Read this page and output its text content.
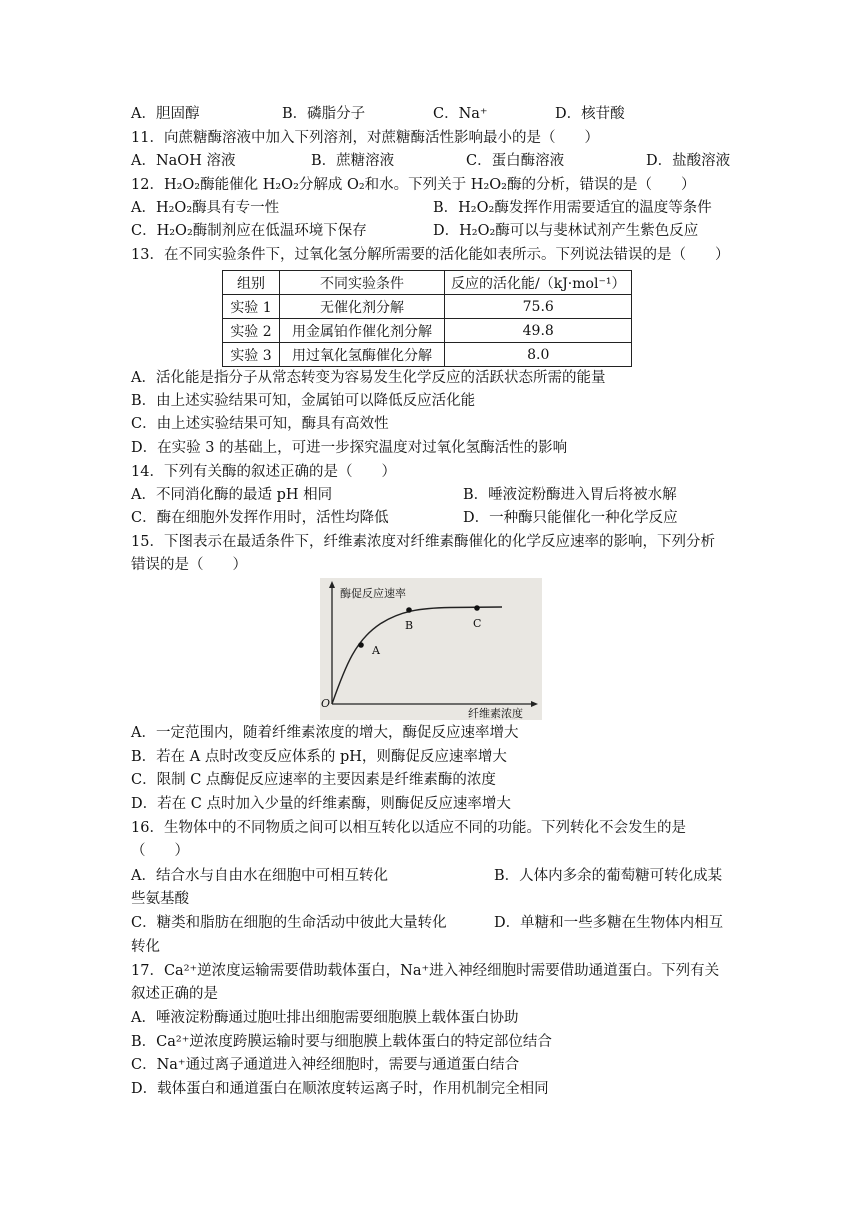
A．胆固醇	B．磷脂分子	C．Na⁺	D．核苷酸
11．向蔗糖酶溶液中加入下列溶剂，对蔗糖酶活性影响最小的是（　　）
A．NaOH 溶液	B．蔗糖溶液	C．蛋白酶溶液	D．盐酸溶液
12．H₂O₂酶能催化 H₂O₂分解成 O₂和水。下列关于 H₂O₂酶的分析，错误的是（　　）
A．H₂O₂酶具有专一性	B．H₂O₂酶发挥作用需要适宜的温度等条件
C．H₂O₂酶制剂应在低温环境下保存	D．H₂O₂酶可以与斐林试剂产生紫色反应
13．在不同实验条件下，过氧化氢分解所需要的活化能如表所示。下列说法错误的是（　　）
组别	不同实验条件	反应的活化能/（kJ·mol⁻¹）
实验 1	无催化剂分解	75.6
实验 2	用金属铂作催化剂分解	49.8
实验 3	用过氧化氢酶催化分解	8.0
A．活化能是指分子从常态转变为容易发生化学反应的活跃状态所需的能量
B．由上述实验结果可知，金属铂可以降低反应活化能
C．由上述实验结果可知，酶具有高效性
D．在实验 3 的基础上，可进一步探究温度对过氧化氢酶活性的影响
14．下列有关酶的叙述正确的是（　　）
A．不同消化酶的最适 pH 相同	B．唾液淀粉酶进入胃后将被水解
C．酶在细胞外发挥作用时，活性均降低	D．一种酶只能催化一种化学反应
15．下图表示在最适条件下，纤维素浓度对纤维素酶催化的化学反应速率的影响，下列分析
错误的是（　　）
酶促反应速率
纤维素浓度
O
A
B	C
A．一定范围内，随着纤维素浓度的增大，酶促反应速率增大
B．若在 A 点时改变反应体系的 pH，则酶促反应速率增大
C．限制 C 点酶促反应速率的主要因素是纤维素酶的浓度
D．若在 C 点时加入少量的纤维素酶，则酶促反应速率增大
16．生物体中的不同物质之间可以相互转化以适应不同的功能。下列转化不会发生的是
（　　）
A．结合水与自由水在细胞中可相互转化	B．人体内多余的葡萄糖可转化成某
些氨基酸
C．糖类和脂肪在细胞的生命活动中彼此大量转化	D．单糖和一些多糖在生物体内相互
转化
17．Ca²⁺逆浓度运输需要借助载体蛋白，Na⁺进入神经细胞时需要借助通道蛋白。下列有关
叙述正确的是
A．唾液淀粉酶通过胞吐排出细胞需要细胞膜上载体蛋白协助
B．Ca²⁺逆浓度跨膜运输时要与细胞膜上载体蛋白的特定部位结合
C．Na⁺通过离子通道进入神经细胞时，需要与通道蛋白结合
D．载体蛋白和通道蛋白在顺浓度转运离子时，作用机制完全相同
